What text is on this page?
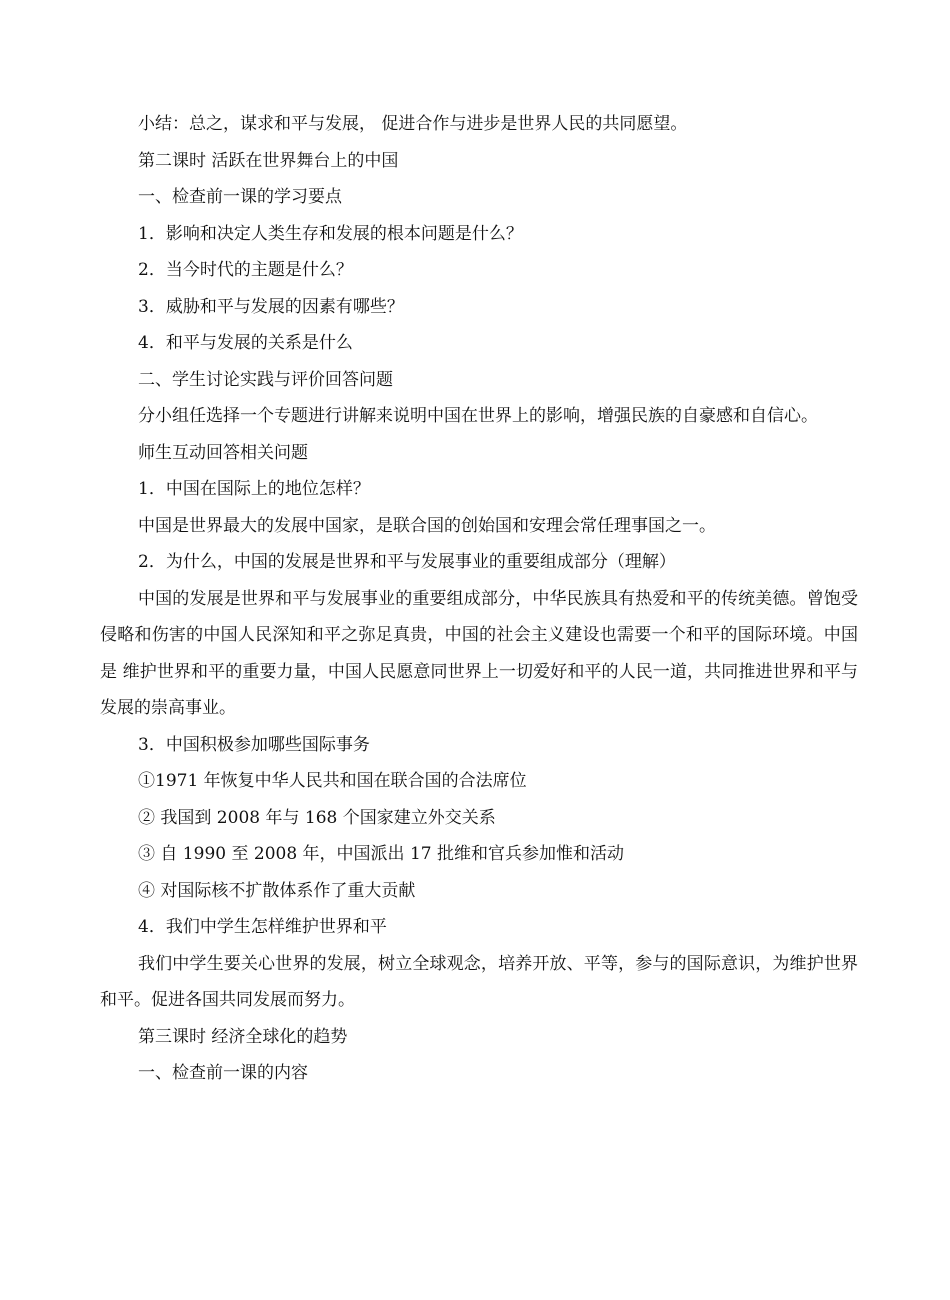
小结：总之，谋求和平与发展， 促进合作与进步是世界人民的共同愿望。

第二课时 活跃在世界舞台上的中国

一、检查前一课的学习要点

1．影响和决定人类生存和发展的根本问题是什么？

2．当今时代的主题是什么？

3．威胁和平与发展的因素有哪些？

4．和平与发展的关系是什么

二、学生讨论实践与评价回答问题

分小组任选择一个专题进行讲解来说明中国在世界上的影响，增强民族的自豪感和自信心。

师生互动回答相关问题

1．中国在国际上的地位怎样？

中国是世界最大的发展中国家，是联合国的创始国和安理会常任理事国之一。

2．为什么，中国的发展是世界和平与发展事业的重要组成部分（理解）

中国的发展是世界和平与发展事业的重要组成部分，中华民族具有热爱和平的传统美德。曾饱受侵略和伤害的中国人民深知和平之弥足真贵，中国的社会主义建设也需要一个和平的国际环境。中国是 维护世界和平的重要力量，中国人民愿意同世界上一切爱好和平的人民一道，共同推进世界和平与发展的崇高事业。

3．中国积极参加哪些国际事务

①1971 年恢复中华人民共和国在联合国的合法席位

② 我国到 2008 年与 168 个国家建立外交关系

③ 自 1990 至 2008 年，中国派出 17 批维和官兵参加惟和活动

④ 对国际核不扩散体系作了重大贡献

4．我们中学生怎样维护世界和平

我们中学生要关心世界的发展，树立全球观念，培养开放、平等，参与的国际意识，为维护世界和平。促进各国共同发展而努力。

第三课时 经济全球化的趋势

一、检查前一课的内容
